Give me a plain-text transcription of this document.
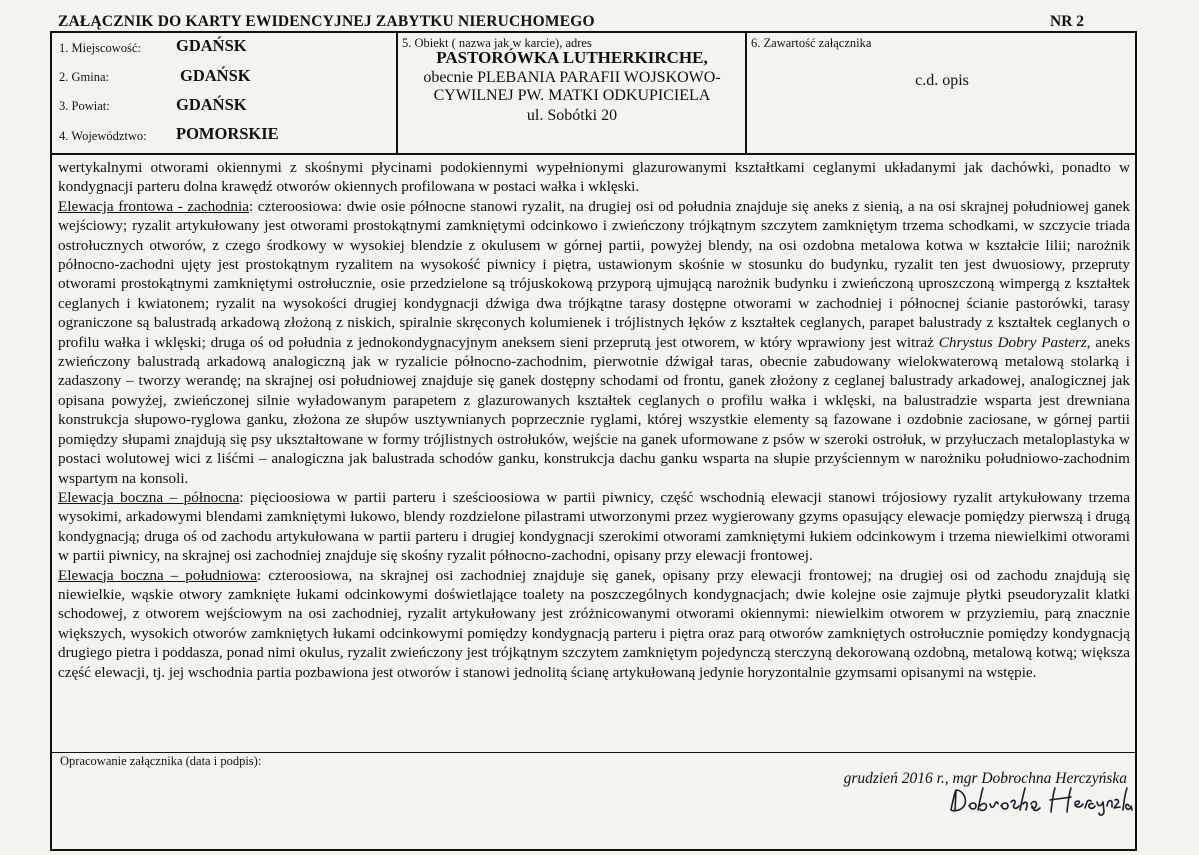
ZAŁĄCZNIK DO KARTY EWIDENCYJNEJ ZABYTKU NIERUCHOMEGO	NR 2
1. Miejscowość: GDAŃSK
2. Gmina:	GDAŃSK
3. Powiat:	GDAŃSK
4. Województwo: POMORSKIE
5. Obiekt ( nazwa jak w karcie), adres
PASTORÓWKA LUTHERKIRCHE,
obecnie PLEBANIA PARAFII WOJSKOWO-
CYWILNEJ PW. MATKI ODKUPICIELA
ul. Sobótki 20
6. Zawartość załącznika
c.d. opis

wertykalnymi otworami okiennymi z skośnymi płycinami podokiennymi wypełnionymi glazurowanymi kształtkami ceglanymi układanymi jak dachówki, ponadto w kondygnacji parteru dolna krawędź otworów okiennych profilowana w postaci wałka i wklęski.

Elewacja frontowa - zachodnia: czteroosiowa: dwie osie północne stanowi ryzalit, na drugiej osi od południa znajduje się aneks z sienią, a na osi skrajnej południowej ganek wejściowy; ryzalit artykułowany jest otworami prostokątnymi zamkniętymi odcinkowo i zwieńczony trójkątnym szczytem zamkniętym trzema schodkami, w szczycie triada ostrołucznych otworów, z czego środkowy w wysokiej blendzie z okulusem w górnej partii, powyżej blendy, na osi ozdobna metalowa kotwa w kształcie lilii; narożnik północno-zachodni ujęty jest prostokątnym ryzalitem na wysokość piwnicy i piętra, ustawionym skośnie w stosunku do budynku, ryzalit ten jest dwuosiowy, przepruty otworami prostokątnymi zamkniętymi ostrołucznie, osie przedzielone są trójuskokową przyporą ujmującą narożnik budynku i zwieńczoną uproszczoną wimpergą z kształtek ceglanych i kwiatonem; ryzalit na wysokości drugiej kondygnacji dźwiga dwa trójkątne tarasy dostępne otworami w zachodniej i północnej ścianie pastorówki, tarasy ograniczone są balustradą arkadową złożoną z niskich, spiralnie skręconych kolumienek i trójlistnych łęków z kształtek ceglanych, parapet balustrady z kształtek ceglanych o profilu wałka i wklęski; druga oś od południa z jednokondygnacyjnym aneksem sieni przeprutą jest otworem, w który wprawiony jest witraż Chrystus Dobry Pasterz, aneks zwieńczony balustradą arkadową analogiczną jak w ryzalicie północno-zachodnim, pierwotnie dźwigał taras, obecnie zabudowany wielokwaterową metalową stolarką i zadaszony – tworzy werandę; na skrajnej osi południowej znajduje się ganek dostępny schodami od frontu, ganek złożony z ceglanej balustrady arkadowej, analogicznej jak opisana powyżej, zwieńczonej silnie wyładowanym parapetem z glazurowanych kształtek ceglanych o profilu wałka i wklęski, na balustradzie wsparta jest drewniana konstrukcja słupowo-ryglowa ganku, złożona ze słupów usztywnianych poprzecznie ryglami, której wszystkie elementy są fazowane i ozdobnie zaciosane, w górnej partii pomiędzy słupami znajdują się psy ukształtowane w formy trójlistnych ostrołuków, wejście na ganek uformowane z psów w szeroki ostrołuk, w przyłuczach metaloplastyka w postaci wolutowej wici z liśćmi – analogiczna jak balustrada schodów ganku, konstrukcja dachu ganku wsparta na słupie przyściennym w narożniku południowo-zachodnim wspartym na konsoli.

Elewacja boczna – północna: pięcioosiowa w partii parteru i sześcioosiowa w partii piwnicy, część wschodnią elewacji stanowi trójosiowy ryzalit artykułowany trzema wysokimi, arkadowymi blendami zamkniętymi łukowo, blendy rozdzielone pilastrami utworzonymi przez wygierowany gzyms opasujący elewacje pomiędzy pierwszą i drugą kondygnacją; druga oś od zachodu artykułowana w partii parteru i drugiej kondygnacji szerokimi otworami zamkniętymi łukiem odcinkowym i trzema niewielkimi otworami w partii piwnicy, na skrajnej osi zachodniej znajduje się skośny ryzalit północno-zachodni, opisany przy elewacji frontowej.

Elewacja boczna – południowa: czteroosiowa, na skrajnej osi zachodniej znajduje się ganek, opisany przy elewacji frontowej; na drugiej osi od zachodu znajdują się niewielkie, wąskie otwory zamknięte łukami odcinkowymi doświetlające toalety na poszczególnych kondygnacjach; dwie kolejne osie zajmuje płytki pseudoryzalit klatki schodowej, z otworem wejściowym na osi zachodniej, ryzalit artykułowany jest zróżnicowanymi otworami okiennymi: niewielkim otworem w przyziemiu, parą znacznie większych, wysokich otworów zamkniętych łukami odcinkowymi pomiędzy kondygnacją parteru i piętra oraz parą otworów zamkniętych ostrołucznie pomiędzy kondygnacją drugiego pietra i poddasza, ponad nimi okulus, ryzalit zwieńczony jest trójkątnym szczytem zamkniętym pojedynczą sterczyną dekorowaną ozdobną, metalową kotwą; większa część elewacji, tj. jej wschodnia partia pozbawiona jest otworów i stanowi jednolitą ścianę artykułowaną jedynie horyzontalnie gzymsami opisanymi na wstępie.

Opracowanie załącznika (data i podpis):
grudzień 2016 r., mgr Dobrochna Herczyńska
